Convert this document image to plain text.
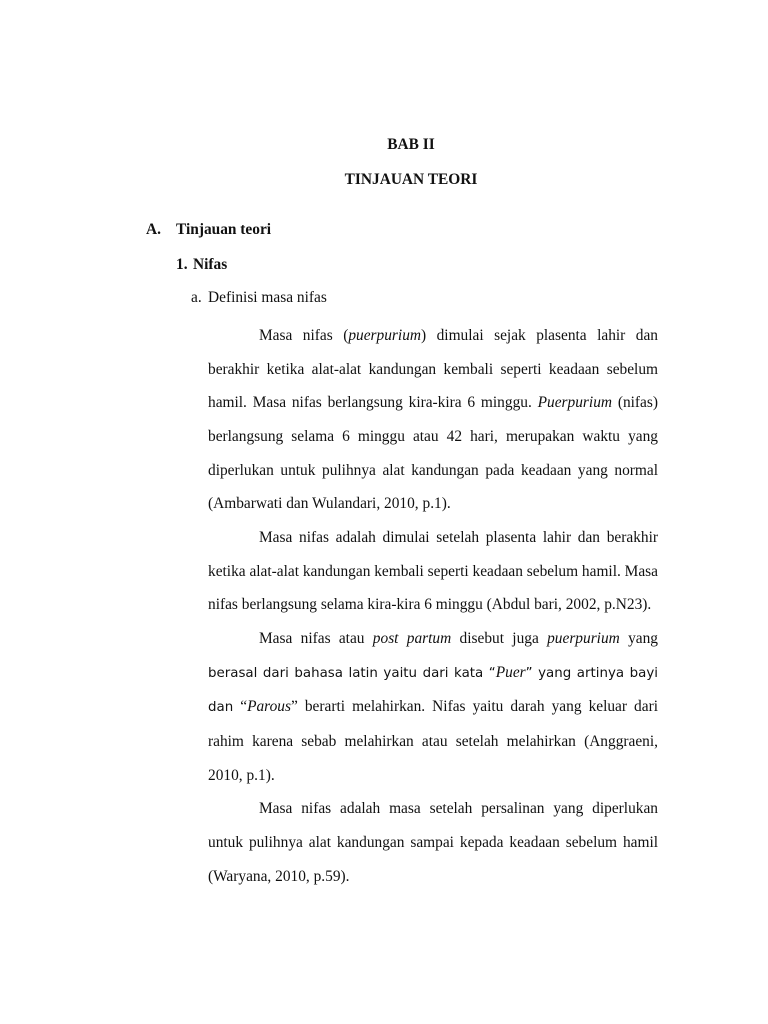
BAB II
TINJAUAN TEORI
A. Tinjauan teori
1. Nifas
a. Definisi masa nifas

Masa nifas (puerpurium) dimulai sejak plasenta lahir dan berakhir ketika alat-alat kandungan kembali seperti keadaan sebelum hamil. Masa nifas berlangsung kira-kira 6 minggu. Puerpurium (nifas) berlangsung selama 6 minggu atau 42 hari, merupakan waktu yang diperlukan untuk pulihnya alat kandungan pada keadaan yang normal (Ambarwati dan Wulandari, 2010, p.1).

Masa nifas adalah dimulai setelah plasenta lahir dan berakhir ketika alat-alat kandungan kembali seperti keadaan sebelum hamil. Masa nifas berlangsung selama kira-kira 6 minggu (Abdul bari, 2002, p.N23).

Masa nifas atau post partum disebut juga puerpurium yang berasal dari bahasa latin yaitu dari kata “Puer” yang artinya bayi dan “Parous” berarti melahirkan. Nifas yaitu darah yang keluar dari rahim karena sebab melahirkan atau setelah melahirkan (Anggraeni, 2010, p.1).

Masa nifas adalah masa setelah persalinan yang diperlukan untuk pulihnya alat kandungan sampai kepada keadaan sebelum hamil (Waryana, 2010, p.59).
